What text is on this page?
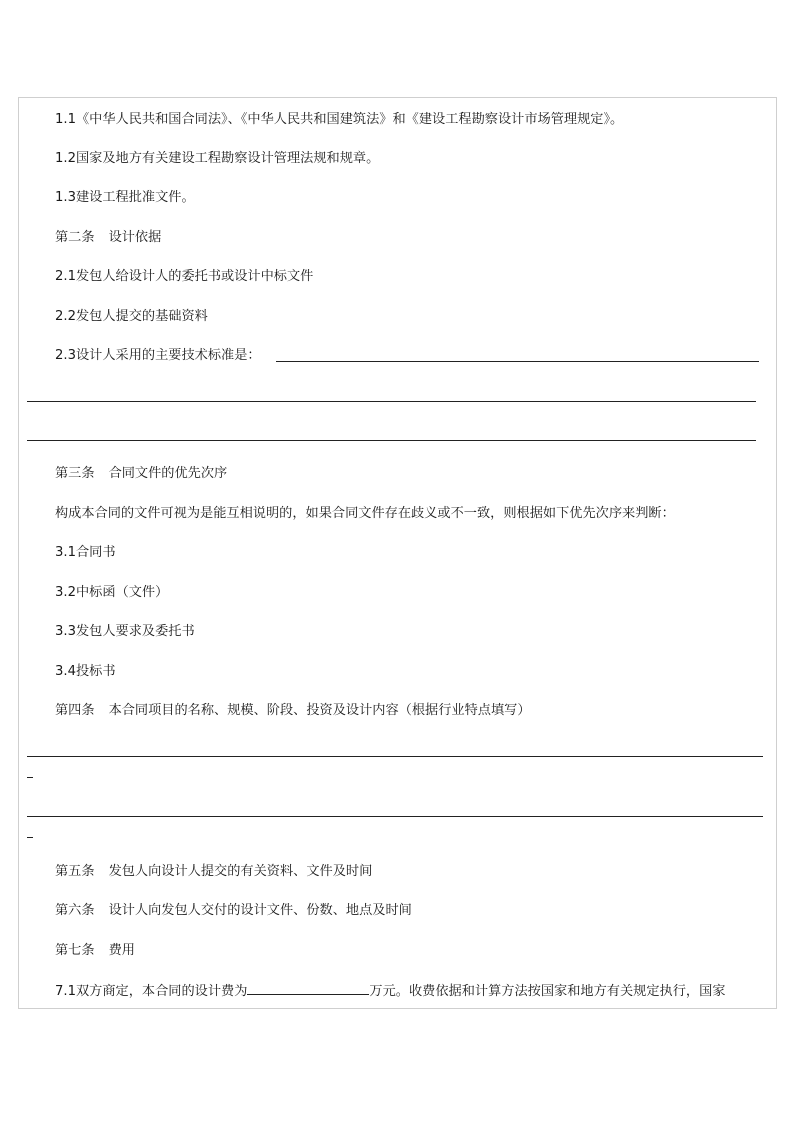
1.1《中华人民共和国合同法》、《中华人民共和国建筑法》和《建设工程勘察设计市场管理规定》。
1.2国家及地方有关建设工程勘察设计管理法规和规章。
1.3建设工程批准文件。
第二条 设计依据
2.1发包人给设计人的委托书或设计中标文件
2.2发包人提交的基础资料
2.3设计人采用的主要技术标准是：
第三条 合同文件的优先次序
构成本合同的文件可视为是能互相说明的，如果合同文件存在歧义或不一致，则根据如下优先次序来判断：
3.1合同书
3.2中标函（文件）
3.3发包人要求及委托书
3.4投标书
第四条 本合同项目的名称、规模、阶段、投资及设计内容（根据行业特点填写）
第五条 发包人向设计人提交的有关资料、文件及时间
第六条 设计人向发包人交付的设计文件、份数、地点及时间
第七条 费用
7.1双方商定，本合同的设计费为	万元。收费依据和计算方法按国家和地方有关规定执行，国家
